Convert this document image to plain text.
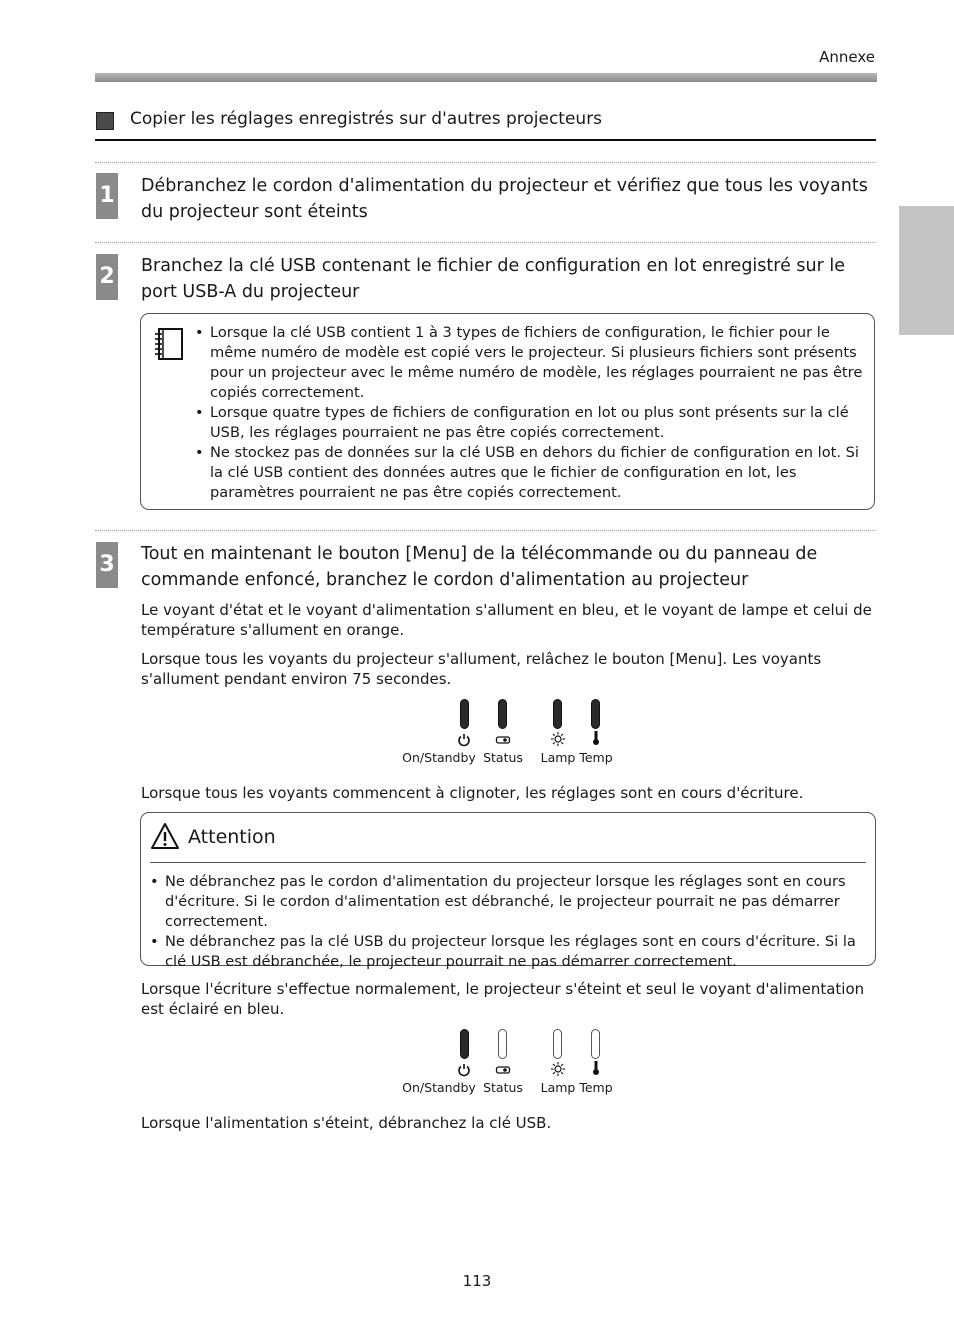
Annexe
Copier les réglages enregistrés sur d'autres projecteurs
1 Débranchez le cordon d'alimentation du projecteur et vérifiez que tous les voyants du projecteur sont éteints
2 Branchez la clé USB contenant le fichier de configuration en lot enregistré sur le port USB-A du projecteur
• Lorsque la clé USB contient 1 à 3 types de fichiers de configuration, le fichier pour le même numéro de modèle est copié vers le projecteur. Si plusieurs fichiers sont présents pour un projecteur avec le même numéro de modèle, les réglages pourraient ne pas être copiés correctement.
• Lorsque quatre types de fichiers de configuration en lot ou plus sont présents sur la clé USB, les réglages pourraient ne pas être copiés correctement.
• Ne stockez pas de données sur la clé USB en dehors du fichier de configuration en lot. Si la clé USB contient des données autres que le fichier de configuration en lot, les paramètres pourraient ne pas être copiés correctement.
3 Tout en maintenant le bouton [Menu] de la télécommande ou du panneau de commande enfoncé, branchez le cordon d'alimentation au projecteur
Le voyant d'état et le voyant d'alimentation s'allument en bleu, et le voyant de lampe et celui de température s'allument en orange.
Lorsque tous les voyants du projecteur s'allument, relâchez le bouton [Menu]. Les voyants s'allument pendant environ 75 secondes.
On/Standby Status Lamp Temp
Lorsque tous les voyants commencent à clignoter, les réglages sont en cours d'écriture.
Attention
• Ne débranchez pas le cordon d'alimentation du projecteur lorsque les réglages sont en cours d'écriture. Si le cordon d'alimentation est débranché, le projecteur pourrait ne pas démarrer correctement.
• Ne débranchez pas la clé USB du projecteur lorsque les réglages sont en cours d'écriture. Si la clé USB est débranchée, le projecteur pourrait ne pas démarrer correctement.
Lorsque l'écriture s'effectue normalement, le projecteur s'éteint et seul le voyant d'alimentation est éclairé en bleu.
On/Standby Status Lamp Temp
Lorsque l'alimentation s'éteint, débranchez la clé USB.
113
